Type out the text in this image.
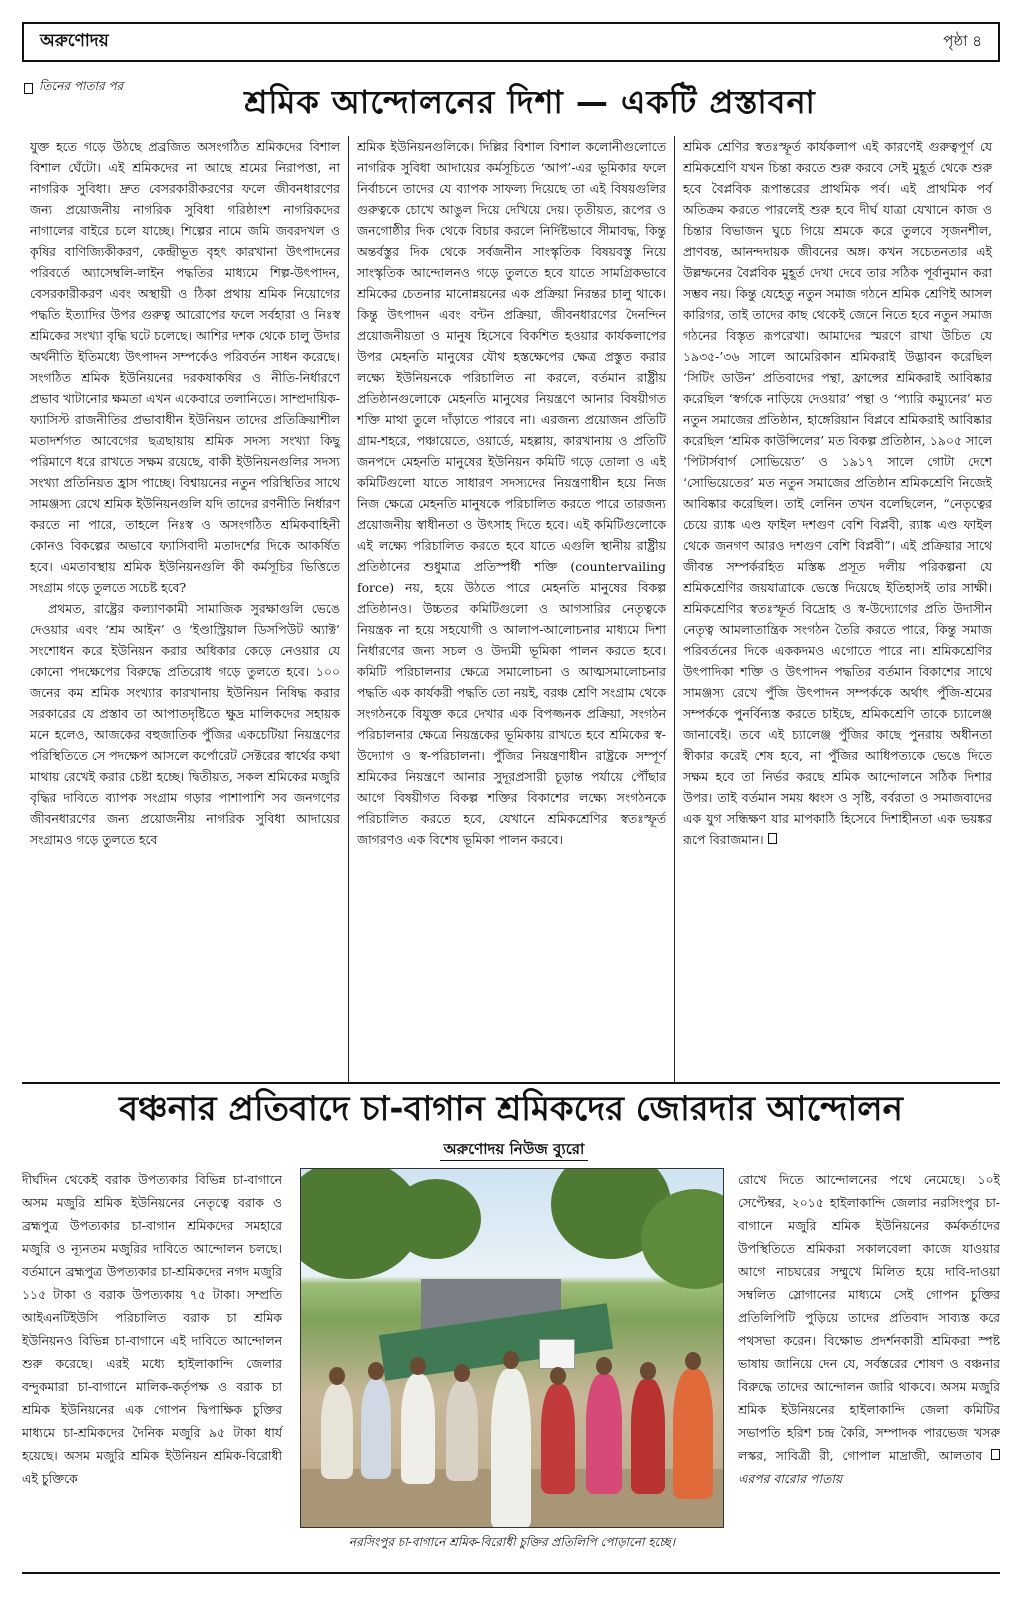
অরুণোদয়	পৃষ্ঠা ৪
তিনের পাতার পর	শ্রমিক আন্দোলনের দিশা — একটি প্রস্তাবনা

যুক্ত হতে গড়ে উঠছে প্রব্রজিত অসংগঠিত শ্রমিকদের বিশাল বিশাল ঘেঁটো। এই শ্রমিকদের না আছে শ্রমের নিরাপত্তা, না নাগরিক সুবিধা। দ্রুত বেসরকারীকরণের ফলে জীবনধারণের জন্য প্রয়োজনীয় নাগরিক সুবিধা গরিষ্ঠাংশ নাগরিকদের নাগালের বাইরে চলে যাচ্ছে। শিল্পের নামে জমি জবরদখল ও কৃষির বাণিজ্যিকীকরণ, কেন্দ্রীভূত বৃহৎ কারখানা উৎপাদনের পরিবর্তে অ্যাসেম্বলি-লাইন পদ্ধতির মাধ্যমে শিল্প-উৎপাদন, বেসরকারীকরণ এবং অস্থায়ী ও ঠিকা প্রথায় শ্রমিক নিয়োগের পদ্ধতি ইত্যাদির উপর গুরুত্ব আরোপের ফলে সর্বহারা ও নিঃস্ব শ্রমিকের সংখ্যা বৃদ্ধি ঘটে চলেছে। আশির দশক থেকে চালু উদার অর্থনীতি ইতিমধ্যে উৎপাদন সম্পর্কেও পরিবর্তন সাধন করেছে। সংগঠিত শ্রমিক ইউনিয়নের দরকষাকষির ও নীতি-নির্ধারণে প্রভাব খাটানোর ক্ষমতা এখন একেবারে তলানিতে। সাম্প্রদায়িক-ফ্যাসিস্ট রাজনীতির প্রভাবাধীন ইউনিয়ন তাদের প্রতিক্রিয়াশীল মতাদর্শগত আবেগের ছত্রছায়ায় শ্রমিক সদস্য সংখ্যা কিছু পরিমাণে ধরে রাখতে সক্ষম রয়েছে, বাকী ইউনিয়নগুলির সদস্য সংখ্যা প্রতিনিয়ত হ্রাস পাচ্ছে। বিশ্বায়নের নতুন পরিস্থিতির সাথে সামঞ্জস্য রেখে শ্রমিক ইউনিয়নগুলি যদি তাদের রণনীতি নির্ধারণ করতে না পারে, তাহলে নিঃস্ব ও অসংগঠিত শ্রমিকবাহিনী কোনও বিকল্পের অভাবে ফ্যাসিবাদী মতাদর্শের দিকে আকর্ষিত হবে। এমতাবস্থায় শ্রমিক ইউনিয়নগুলি কী কর্মসূচির ভিত্তিতে সংগ্রাম গড়ে তুলতে সচেষ্ট হবে?

প্রথমত, রাষ্ট্রের কল্যাণকামী সামাজিক সুরক্ষাগুলি ভেঙে দেওয়ার এবং ‘শ্রম আইন’ ও ‘ইণ্ডাস্ট্রিয়াল ডিসপিউট অ্যাক্ট’ সংশোধন করে ইউনিয়ন করার অধিকার কেড়ে নেওয়ার যে কোনো পদক্ষেপের বিরুদ্ধে প্রতিরোধ গড়ে তুলতে হবে। ১০০ জনের কম শ্রমিক সংখ্যার কারখানায় ইউনিয়ন নিষিদ্ধ করার সরকারের যে প্রস্তাব তা আপাতদৃষ্টিতে ক্ষুদ্র মালিকদের সহায়ক মনে হলেও, আজকের বহুজাতিক পুঁজির একচেটিয়া নিয়ন্ত্রণের পরিস্থিতিতে সে পদক্ষেপ আসলে কর্পোরেট সেক্টরের স্বার্থের কথা মাথায় রেখেই করার চেষ্টা হচ্ছে। দ্বিতীয়ত, সকল শ্রমিকের মজুরি বৃদ্ধির দাবিতে ব্যাপক সংগ্রাম গড়ার পাশাপাশি সব জনগণের জীবনধারণের জন্য প্রয়োজনীয় নাগরিক সুবিধা আদায়ের সংগ্রামও গড়ে তুলতে হবে

শ্রমিক ইউনিয়নগুলিকে। দিল্লির বিশাল বিশাল কলোনীগুলোতে নাগরিক সুবিধা আদায়ের কর্মসূচিতে ‘আপ’-এর ভূমিকার ফলে নির্বাচনে তাদের যে ব্যাপক সাফল্য দিয়েছে তা এই বিষয়গুলির গুরুত্বকে চোখে আঙুল দিয়ে দেখিয়ে দেয়। তৃতীয়ত, রূপের ও জনগোষ্ঠীর দিক থেকে বিচার করলে নির্দিষ্টভাবে সীমাবদ্ধ, কিন্তু অন্তর্বস্তুর দিক থেকে সর্বজনীন সাংস্কৃতিক বিষয়বস্তু নিয়ে সাংস্কৃতিক আন্দোলনও গড়ে তুলতে হবে যাতে সামগ্রিকভাবে শ্রমিকের চেতনার মানোন্নয়নের এক প্রক্রিয়া নিরন্তর চালু থাকে। কিন্তু উৎপাদন এবং বন্টন প্রক্রিয়া, জীবনধারণের দৈনন্দিন প্রয়োজনীয়তা ও মানুষ হিসেবে বিকশিত হওয়ার কার্যকলাপের উপর মেহনতি মানুষের যৌথ হস্তক্ষেপের ক্ষেত্র প্রস্তুত করার লক্ষ্যে ইউনিয়নকে পরিচালিত না করলে, বর্তমান রাষ্ট্রীয় প্রতিষ্ঠানগুলোকে মেহনতি মানুষের নিয়ন্ত্রণে আনার বিষয়ীগত শক্তি মাথা তুলে দাঁড়াতে পারবে না। এরজন্য প্রয়োজন প্রতিটি গ্রাম-শহরে, পঞ্চায়েতে, ওয়ার্ডে, মহল্লায়, কারখানায় ও প্রতিটি জনপদে মেহনতি মানুষের ইউনিয়ন কমিটি গড়ে তোলা ও এই কমিটিগুলো যাতে সাধারণ সদস্যদের নিয়ন্ত্রণাধীন হয়ে নিজ নিজ ক্ষেত্রে মেহনতি মানুষকে পরিচালিত করতে পারে তারজন্য প্রয়োজনীয় স্বাধীনতা ও উৎসাহ দিতে হবে। এই কমিটিগুলোকে এই লক্ষ্যে পরিচালিত করতে হবে যাতে এগুলি স্থানীয় রাষ্ট্রীয় প্রতিষ্ঠানের শুধুমাত্র প্রতিস্পর্ধী শক্তি (countervailing force) নয়, হয়ে উঠতে পারে মেহনতি মানুষের বিকল্প প্রতিষ্ঠানও। উচ্চতর কমিটিগুলো ও আগসারির নেতৃত্বকে নিয়ন্ত্রক না হয়ে সহযোগী ও আলাপ-আলোচনার মাধ্যমে দিশা নির্ধারণের জন্য সচল ও উদ্যমী ভূমিকা পালন করতে হবে। কমিটি পরিচালনার ক্ষেত্রে সমালোচনা ও আত্মসমালোচনার পদ্ধতি এক কার্যকরী পদ্ধতি তো নয়ই, বরঞ্চ শ্রেণি সংগ্রাম থেকে সংগঠনকে বিযুক্ত করে দেখার এক বিপজ্জনক প্রক্রিয়া, সংগঠন পরিচালনার ক্ষেত্রে নিয়ন্ত্রকের ভূমিকায় রাখতে হবে শ্রমিকের স্ব-উদ্যোগ ও স্ব-পরিচালনা। পুঁজির নিয়ন্ত্রণাধীন রাষ্ট্রকে সম্পূর্ণ শ্রমিকের নিয়ন্ত্রণে আনার সুদূরপ্রসারী চূড়ান্ত পর্যায়ে পৌঁছার আগে বিষয়ীগত বিকল্প শক্তির বিকাশের লক্ষ্যে সংগঠনকে পরিচালিত করতে হবে, যেখানে শ্রমিকশ্রেণির স্বতঃস্ফূর্ত জাগরণও এক বিশেষ ভূমিকা পালন করবে।

শ্রমিক শ্রেণির স্বতঃস্ফূর্ত কার্যকলাপ এই কারণেই গুরুত্বপূর্ণ যে শ্রমিকশ্রেণি যখন চিন্তা করতে শুরু করবে সেই মুহূর্ত থেকে শুরু হবে বৈপ্লবিক রূপান্তরের প্রাথমিক পর্ব। এই প্রাথমিক পর্ব অতিক্রম করতে পারলেই শুরু হবে দীর্ঘ যাত্রা যেখানে কাজ ও চিন্তার বিভাজন ঘুচে গিয়ে শ্রমকে করে তুলবে সৃজনশীল, প্রাণবন্ত, আনন্দদায়ক জীবনের অঙ্গ। কখন সচেতনতার এই উল্লম্ফনের বৈপ্লবিক মুহূর্ত দেখা দেবে তার সঠিক পূর্বানুমান করা সম্ভব নয়। কিন্তু যেহেতু নতুন সমাজ গঠনে শ্রমিক শ্রেণিই আসল কারিগর, তাই তাদের কাছ থেকেই জেনে নিতে হবে নতুন সমাজ গঠনের বিস্তৃত রূপরেখা। আমাদের স্মরণে রাখা উচিত যে ১৯৩৫-’৩৬ সালে আমেরিকান শ্রমিকরাই উদ্ভাবন করেছিল ‘সিটিং ডাউন’ প্রতিবাদের পন্থা, ফ্রান্সের শ্রমিকরাই আবিষ্কার করেছিল ‘স্বর্গকে নাড়িয়ে দেওয়ার’ পন্থা ও ‘প্যারি কম্যুনের’ মত নতুন সমাজের প্রতিষ্ঠান, হাঙ্গেরিয়ান বিপ্লবে শ্রমিকরাই আবিষ্কার করেছিল ‘শ্রমিক কাউন্সিলের’ মত বিকল্প প্রতিষ্ঠান, ১৯০৫ সালে ‘পিটার্সবার্গ সোভিয়েত’ ও ১৯১৭ সালে গোটা দেশে ‘সোভিয়েতের’ মত নতুন সমাজের প্রতিষ্ঠান শ্রমিকশ্রেণি নিজেই আবিষ্কার করেছিল। তাই লেনিন তখন বলেছিলেন, “নেতৃত্বের চেয়ে র‍্যাঙ্ক এণ্ড ফাইল দশগুণ বেশি বিপ্লবী, র‍্যাঙ্ক এণ্ড ফাইল থেকে জনগণ আরও দশগুণ বেশি বিপ্লবী”। এই প্রক্রিয়ার সাথে জীবন্ত সম্পর্করহিত মস্তিষ্ক প্রসূত দলীয় পরিকল্পনা যে শ্রমিকশ্রেণির জয়যাত্রাকে ভেস্তে দিয়েছে ইতিহাসই তার সাক্ষী। শ্রমিকশ্রেণির স্বতঃস্ফূর্ত বিদ্রোহ ও স্ব-উদ্যোগের প্রতি উদাসীন নেতৃত্ব আমলাতান্ত্রিক সংগঠন তৈরি করতে পারে, কিন্তু সমাজ পরিবর্তনের দিকে এককদমও এগোতে পারে না। শ্রমিকশ্রেণির উৎপাদিকা শক্তি ও উৎপাদন পদ্ধতির বর্তমান বিকাশের সাথে সামঞ্জস্য রেখে পুঁজি উৎপাদন সম্পর্ককে অর্থাৎ পুঁজি-শ্রমের সম্পর্ককে পুনর্বিন্যস্ত করতে চাইছে, শ্রমিকশ্রেণি তাকে চ্যালেঞ্জ জানাবেই। তবে এই চ্যালেঞ্জ পুঁজির কাছে পুনরায় অধীনতা স্বীকার করেই শেষ হবে, না পুঁজির আধিপত্যকে ভেঙে দিতে সক্ষম হবে তা নির্ভর করছে শ্রমিক আন্দোলনে সঠিক দিশার উপর। তাই বর্তমান সময় ধ্বংস ও সৃষ্টি, বর্বরতা ও সমাজবাদের এক যুগ সন্ধিক্ষণ যার মাপকাঠি হিসেবে দিশাহীনতা এক ভয়ঙ্কর রূপে বিরাজমান।

বঞ্চনার প্রতিবাদে চা-বাগান শ্রমিকদের জোরদার আন্দোলন
অরুণোদয় নিউজ ব্যুরো
দীর্ঘদিন থেকেই বরাক উপত্যকার বিভিন্ন চা-বাগানে অসম মজুরি শ্রমিক ইউনিয়নের নেতৃত্বে বরাক ও ব্রহ্মপুত্র উপত্যকার চা-বাগান শ্রমিকদের সমহারে মজুরি ও ন্যূনতম মজুরির দাবিতে আন্দোলন চলছে। বর্তমানে ব্রহ্মপুত্র উপত্যকার চা-শ্রমিকদের নগদ মজুরি ১১৫ টাকা ও বরাক উপত্যকায় ৭৫ টাকা। সম্প্রতি আইএনটিইউসি পরিচালিত বরাক চা শ্রমিক ইউনিয়নও বিভিন্ন চা-বাগানে এই দাবিতে আন্দোলন শুরু করেছে। এরই মধ্যে হাইলাকান্দি জেলার বন্দুকমারা চা-বাগানে মালিক-কর্তৃপক্ষ ও বরাক চা শ্রমিক ইউনিয়নের এক গোপন দ্বিপাক্ষিক চুক্তির মাধ্যমে চা-শ্রমিকদের দৈনিক মজুরি ৯৫ টাকা ধার্য হয়েছে। অসম মজুরি শ্রমিক ইউনিয়ন শ্রমিক-বিরোধী এই চুক্তিকে
নরসিংপুর চা-বাগানে শ্রমিক-বিরোধী চুক্তির প্রতিলিপি পোড়ানো হচ্ছে।
রোখে দিতে আন্দোলনের পথে নেমেছে। ১০ই সেপ্টেম্বর, ২০১৫ হাইলাকান্দি জেলার নরসিংপুর চা-বাগানে মজুরি শ্রমিক ইউনিয়নের কর্মকর্তাদের উপস্থিতিতে শ্রমিকরা সকালবেলা কাজে যাওয়ার আগে নাচঘরের সম্মুখে মিলিত হয়ে দাবি-দাওয়া সম্বলিত স্লোগানের মাধ্যমে সেই গোপন চুক্তির প্রতিলিপিটি পুড়িয়ে তাদের প্রতিবাদ সাব্যস্ত করে পথসভা করেন। বিক্ষোভ প্রদর্শনকারী শ্রমিকরা স্পষ্ট ভাষায় জানিয়ে দেন যে, সর্বস্তরের শোষণ ও বঞ্চনার বিরুদ্ধে তাদের আন্দোলন জারি থাকবে। অসম মজুরি শ্রমিক ইউনিয়নের হাইলাকান্দি জেলা কমিটির সভাপতি হরিশ চন্দ্র কৈরি, সম্পাদক পারভেজ খসরু লস্কর, সাবিত্রী রী, গোপাল মাদ্রাজী, আলতাব  এরপর বারোর পাতায়
